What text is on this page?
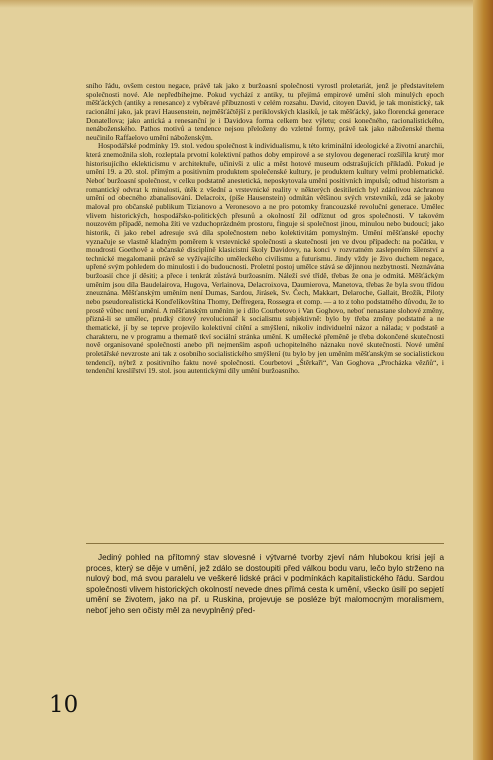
sního řádu, ovšem cestou negace, právě tak jako z buržoasní společnosti vyrostl proletariát, jenž je představitelem společnosti nové. Ale nepředbíhejme. Pokud vychází z antiky, tu přejímá empirové umění sloh minulých epoch měšťáckých (antiky a renesance) z vyběravé příbuznosti v celém rozsahu. David, citoyen David, je tak monistický, tak racionální jako, jak praví Hausenstein, nejměšťáčtější z periklovských klasiků, je tak měšťácký, jako florencká generace Donatellova; jako antická a renesanční je i Davidova forma celkem bez výletu; cosi konečného, racionalistického, nenáboženského. Pathos motivů a tendence nejsou přeloženy do vzletné formy, právě tak jako náboženské thema neučinilo Raffaelovo umění náboženským.

Hospodářské podmínky 19. stol. vedou společnost k individualismu, k této kriminální ideologické a životní anarchii, která znemožnila sloh, rozleptala prvotní kolektivní pathos doby empirové a se stylovou degenerací rozšířila krutý mor historisujícího eklekticismu v architektuře, učinivši z ulic a měst hotové museum odstrašujících příkladů. Pokud je umění 19. a 20. stol. přímým a positivním produktem společenské kultury, je produktem kultury velmi problematické. Neboť buržoasní společnost, v celku podstatně anestetická, neposkytovala umění positivních impulsů; odtud historism a romantický odvrat k minulosti, útěk z všední a vrstevnické reality v některých desítiletích byl zdánlivou záchranou umění od obecného zbanalisování. Delacroix, (píše Hausenstein) odmítán většinou svých vrstevníků, zdá se jakoby maloval pro občanské publikum Tizianovo a Veronesovo a ne pro potomky francouzské revoluční generace. Umělec vlivem historických, hospodářsko-politických přesunů a okolností žil odříznut od gros společnosti. V takovém nouzovém případě, nemoha žíti ve vzduchoprázdném prostoru, finguje si společnost jinou, minulou nebo budoucí; jako historik, či jako rebel adresuje svá díla společnostem nebo kolektivitám pomyslným. Umění měšťanské epochy vyznačuje se vlastně kladným poměrem k vrstevnické společnosti a skutečnosti jen ve dvou případech: na počátku, v moudrosti Goethově a občanské disciplíně klasicistní školy Davidovy, na konci v rozvratném zaslepeném šílenství a technické megalomanii právě se vyžívajícího uměleckého civilismu a futurismu. Jindy vždy je živo duchem negace, upřené svým pohledem do minulosti i do budoucnosti. Proletní postoj umělce stává se dějinnou nezbytností. Neznávána buržoasií chce jí děsiti; a přece i tenkrát zůstává buržoasním. Náleží své třídě, třebas že ona je odmítá. Měšťáckým uměním jsou díla Baudelairova, Hugova, Verlainova, Delacroixova, Daumierova, Manetova, třebas že byla svou třídou zneuznána. Měšťanským uměním není Dumas, Sardou, Jirásek, Sv. Čech, Makkart, Delaroche, Gallait, Brožík, Piloty nebo pseudorealistická Konďelíkovština Thomy, Deffregera, Rossegra et comp. — a to z toho podstatného důvodu, že to prostě vůbec není umění. A měšťanským uměním je i dílo Courbetovo i Van Goghovo, neboť nenastane slohové změny, přizná-li se umělec, prudký citový revolucionář k socialismu subjektivně: bylo by třeba změny podstatné a ne thematické, jí by se teprve projevilo kolektivní cítění a smýšlení, nikoliv individuelní názor a nálada; v podstatě a charakteru, ne v programu a thematě tkví sociální stránka umění. K umělecké přeměně je třeba dokončené skutečnosti nově organisované společnosti anebo při nejmenším aspoň uchopitelného náznaku nové skutečnosti. Nové umění proletářské nevzroste ani tak z osobního socialistického smýšlení (tu bylo by jen uměním měšťanským se socialistickou tendencí), nýbrž z positivního faktu nové společnosti. Courbetovi „Štěrkaři“, Van Goghova „Procházka vězňů“, i tendenční kreslířství 19. stol. jsou autentickými díly umění buržoasního.

Jediný pohled na přítomný stav slovesné i výtvarné tvorby zjeví nám hlubokou krisi její a proces, který se děje v umění, jež zdálo se dostoupiti před válkou bodu varu, lečo bylo strženo na nulový bod, má svou paralelu ve veškeré lidské práci v podmínkách kapitalistického řádu. Sardou společnosti vlivem historických okolností nevede dnes přímá cesta k umění, všecko úsilí po sepjetí umění se životem, jako na př. u Ruskina, projevuje se posléze být malomocným moralismem, neboť jeho sen očisty měl za nevyplněný před-

10
